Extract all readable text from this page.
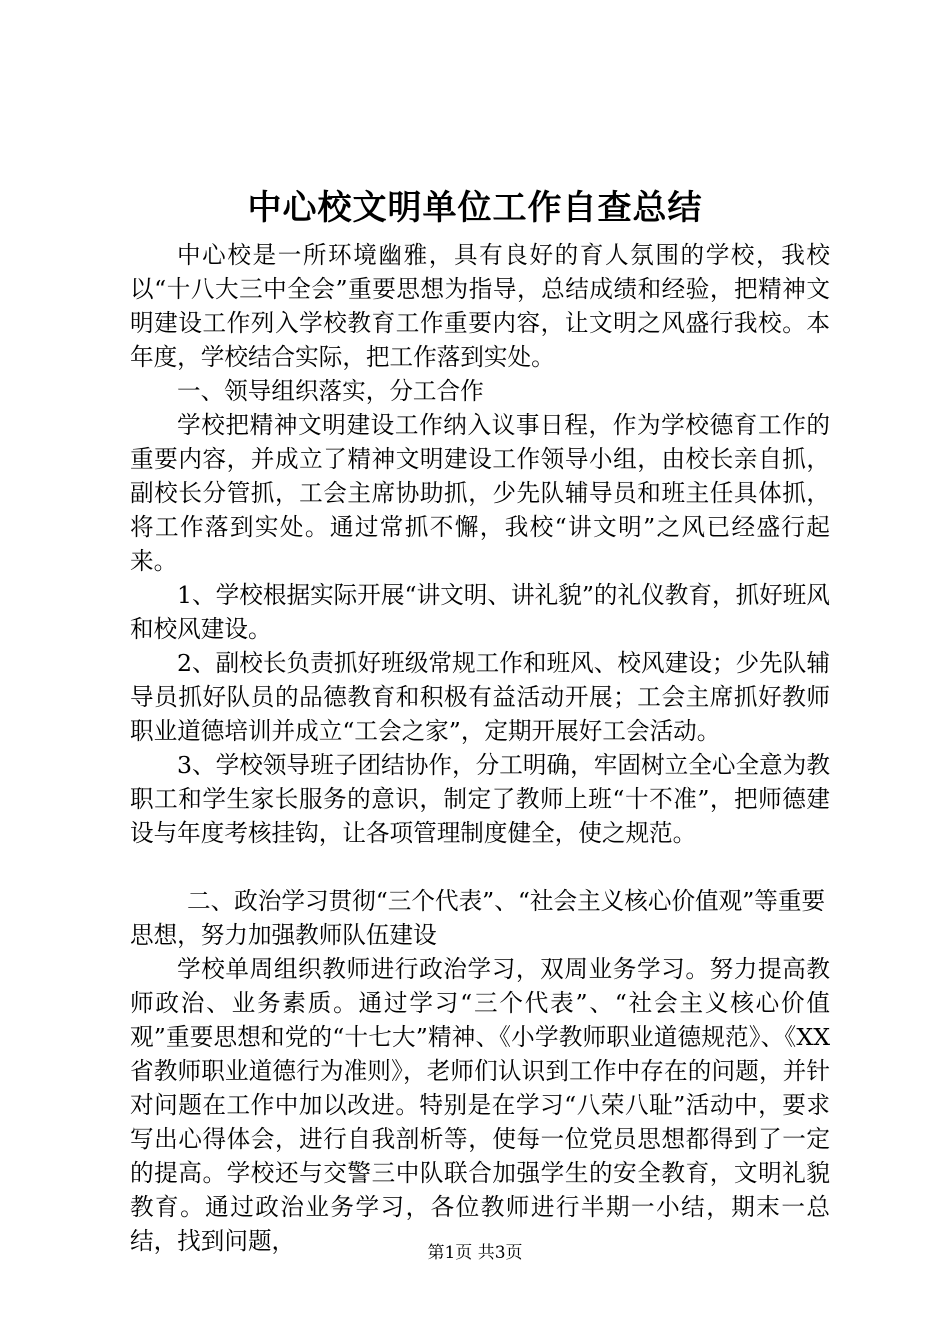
中心校文明单位工作自查总结

中心校是一所环境幽雅，具有良好的育人氛围的学校，我校以“十八大三中全会”重要思想为指导，总结成绩和经验，把精神文明建设工作列入学校教育工作重要内容，让文明之风盛行我校。本年度，学校结合实际，把工作落到实处。

一、领导组织落实，分工合作

学校把精神文明建设工作纳入议事日程，作为学校德育工作的重要内容，并成立了精神文明建设工作领导小组，由校长亲自抓，副校长分管抓，工会主席协助抓，少先队辅导员和班主任具体抓，将工作落到实处。通过常抓不懈，我校“讲文明”之风已经盛行起来。

1、学校根据实际开展“讲文明、讲礼貌”的礼仪教育，抓好班风和校风建设。

2、副校长负责抓好班级常规工作和班风、校风建设；少先队辅导员抓好队员的品德教育和积极有益活动开展；工会主席抓好教师职业道德培训并成立“工会之家”，定期开展好工会活动。

3、学校领导班子团结协作，分工明确，牢固树立全心全意为教职工和学生家长服务的意识，制定了教师上班“十不准”，把师德建设与年度考核挂钩，让各项管理制度健全，使之规范。

二、政治学习贯彻“三个代表”、“社会主义核心价值观”等重要思想，努力加强教师队伍建设

学校单周组织教师进行政治学习，双周业务学习。努力提高教师政治、业务素质。通过学习“三个代表”、“社会主义核心价值观”重要思想和党的“十七大”精神、《小学教师职业道德规范》、《XX省教师职业道德行为准则》，老师们认识到工作中存在的问题，并针对问题在工作中加以改进。特别是在学习“八荣八耻”活动中，要求写出心得体会，进行自我剖析等，使每一位党员思想都得到了一定的提高。学校还与交警三中队联合加强学生的安全教育，文明礼貌教育。通过政治业务学习，各位教师进行半期一小结，期末一总结，找到问题，	第1页 共3页
